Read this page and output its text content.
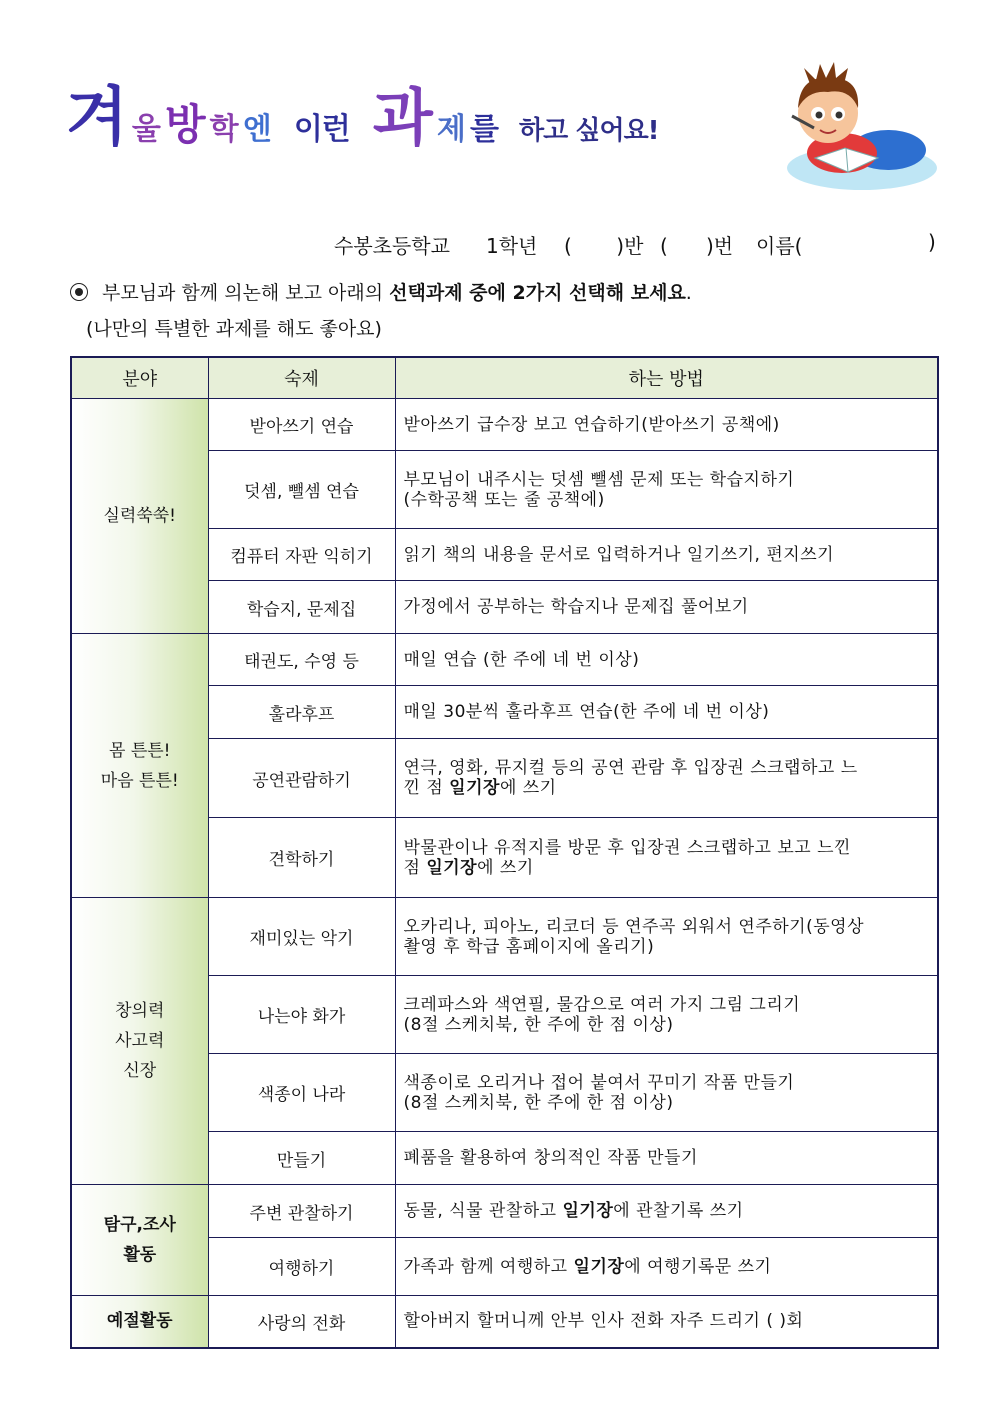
겨 울 방 학 엔 이런 과 제 를 하고 싶어요!
수봉초등학교 1학년 (       )반 (      )번 이름(	)
부모님과 함께 의논해 보고 아래의 선택과제 중에 2가지 선택해 보세요.
(나만의 특별한 과제를 해도 좋아요)
분야	숙제	하는 방법
실력쑥쑥!	받아쓰기 연습	받아쓰기 급수장 보고 연습하기(받아쓰기 공책에)
	덧셈, 뺄셈 연습	부모님이 내주시는 덧셈 뺄셈 문제 또는 학습지하기
(수학공책 또는 줄 공책에)
	컴퓨터 자판 익히기	읽기 책의 내용을 문서로 입력하거나 일기쓰기, 편지쓰기
	학습지, 문제집	가정에서 공부하는 학습지나 문제집 풀어보기
몸 튼튼!
마음 튼튼!	태권도, 수영 등	매일 연습 (한 주에 네 번 이상)
	훌라후프	매일 30분씩 훌라후프 연습(한 주에 네 번 이상)
	공연관람하기	연극, 영화, 뮤지컬 등의 공연 관람 후 입장권 스크랩하고 느
낀 점 일기장에 쓰기
	견학하기	박물관이나 유적지를 방문 후 입장권 스크랩하고 보고 느낀
점 일기장에 쓰기
창의력
사고력
신장	재미있는 악기	오카리나, 피아노, 리코더 등 연주곡 외워서 연주하기(동영상
촬영 후 학급 홈페이지에 올리기)
	나는야 화가	크레파스와 색연필, 물감으로 여러 가지 그림 그리기
(8절 스케치북, 한 주에 한 점 이상)
	색종이 나라	색종이로 오리거나 접어 붙여서 꾸미기 작품 만들기
(8절 스케치북, 한 주에 한 점 이상)
	만들기	폐품을 활용하여 창의적인 작품 만들기
탐구,조사
활동	주변 관찰하기	동물, 식물 관찰하고 일기장에 관찰기록 쓰기
	여행하기	가족과 함께 여행하고 일기장에 여행기록문 쓰기
예절활동	사랑의 전화	할아버지 할머니께 안부 인사 전화 자주 드리기 ( )회
